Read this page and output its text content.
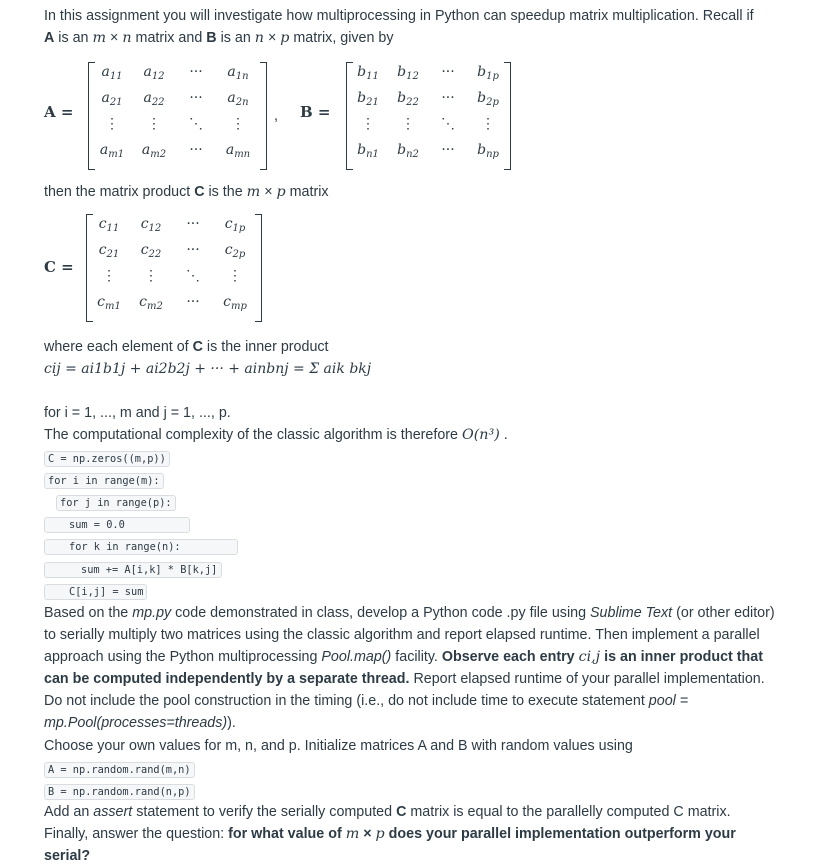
In this assignment you will investigate how multiprocessing in Python can speedup matrix multiplication. Recall if
A is an m × n matrix and B is an n × p matrix, given by

A =
$a_{11}$	$a_{12}$	···	$a_{1n}$
$a_{21}$	$a_{22}$	···	$a_{2n}$
⋮	⋮	⋱	⋮
$a_{m1}$	$a_{m2}$	···	$a_{mn}$
, B =
$b_{11}$	$b_{12}$	···	$b_{1p}$
$b_{21}$	$b_{22}$	···	$b_{2p}$
⋮	⋮	⋱	⋮
$b_{n1}$	$b_{n2}$	···	$b_{np}$

then the matrix product C is the m × p matrix

C =
$c_{11}$	$c_{12}$	···	$c_{1p}$
$c_{21}$	$c_{22}$	···	$c_{2p}$
⋮	⋮	⋱	⋮
$c_{m1}$	$c_{m2}$	···	$c_{mp}$

where each element of C is the inner product

cij = ai1b1j + ai2b2j + ··· + ainbnj = Σ aik bkj

for i = 1, ..., m and j = 1, ..., p.

The computational complexity of the classic algorithm is therefore O(n³) .

C = np.zeros((m,p))
for i in range(m):
for j in range(p):
sum = 0.0
for k in range(n):
sum += A[i,k] * B[k,j]
C[i,j] = sum

Based on the mp.py code demonstrated in class, develop a Python code .py file using Sublime Text (or other editor) to serially multiply two matrices using the classic algorithm and report elapsed runtime. Then implement a parallel approach using the Python multiprocessing Pool.map() facility. Observe each entry ci,j is an inner product that can be computed independently by a separate thread. Report elapsed runtime of your parallel implementation. Do not include the pool construction in the timing (i.e., do not include time to execute statement pool = mp.Pool(processes=threads)).

Choose your own values for m, n, and p. Initialize matrices A and B with random values using

A = np.random.rand(m,n)
B = np.random.rand(n,p)

Add an assert statement to verify the serially computed C matrix is equal to the parallelly computed C matrix.

Finally, answer the question: for what value of m × p does your parallel implementation outperform your serial?
